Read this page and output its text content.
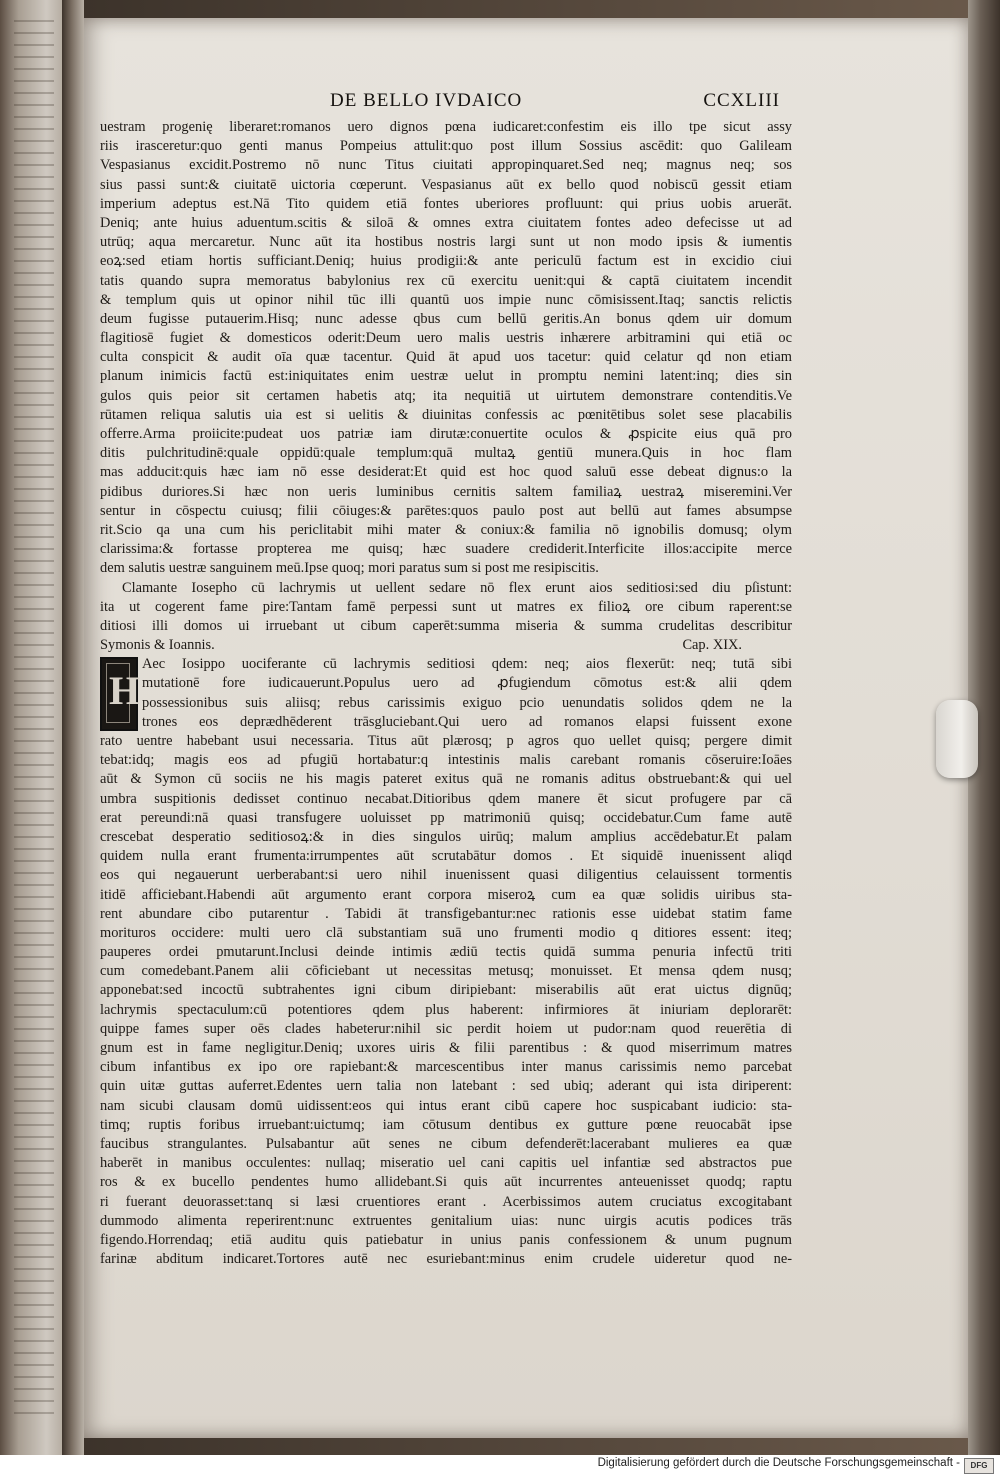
DE BELLO IVDAICO	CCXLIII
uestram progenię liberaret:romanos uero dignos pœna iudicaret:confestim eis illo tpe sicut assy
riis irasceretur:quo genti manus Pompeius attulit:quo post illum Sossius ascēdit: quo Galileam
Vespasianus excidit.Postremo nō nunc Titus ciuitati appropinquaret.Sed neq; magnus neq; sos
sius passi sunt:& ciuitatē uictoria cœperunt. Vespasianus aūt ex bello quod nobiscū gessit etiam
imperium adeptus est.Nā Tito quidem etiā fontes uberiores profluunt: qui prius uobis aruerāt.
Deniq; ante huius aduentum.scitis & siloā & omnes extra ciuitatem fontes adeo defecisse ut ad
utrūq; aqua mercaretur. Nunc aūt ita hostibus nostris largi sunt ut non modo ipsis & iumentis
eoꝝ:sed etiam hortis sufficiant.Deniq; huius prodigii:& ante periculū factum est in excidio ciui
tatis quando supra memoratus babylonius rex cū exercitu uenit:qui & captā ciuitatem incendit
& templum quis ut opinor nihil tūc illi quantū uos impie nunc cōmisissent.Itaq; sanctis relictis
deum fugisse putauerim.Hisq; nunc adesse qbus cum bellū geritis.An bonus qdem uir domum
flagitiosē fugiet & domesticos oderit:Deum uero malis uestris inhærere arbitramini qui etiā oc
culta conspicit & audit oīa quæ tacentur. Quid āt apud uos tacetur: quid celatur qd non etiam
planum inimicis factū est:iniquitates enim uestræ uelut in promptu nemini latent:inq; dies sin
gulos quis peior sit certamen habetis atq; ita nequitiā ut uirtutem demonstrare contenditis.Ve
rūtamen reliqua salutis uia est si uelitis & diuinitas confessis ac pœnitētibus solet sese placabilis
offerre.Arma proiicite:pudeat uos patriæ iam dirutæ:conuertite oculos & ꝓspicite eius quā pro
ditis pulchritudinē:quale oppidū:quale templum:quā multaꝝ gentiū munera.Quis in hoc flam
mas adducit:quis hæc iam nō esse desiderat:Et quid est hoc quod saluū esse debeat dignus:o la
pidibus duriores.Si hæc non ueris luminibus cernitis saltem familiaꝝ uestraꝝ miseremini.Ver
sentur in cōspectu cuiusq; filii cōiuges:& parētes:quos paulo post aut bellū aut fames absumpse
rit.Scio qa una cum his periclitabit mihi mater & coniux:& familia nō ignobilis domusq; olym
clarissima:& fortasse propterea me quisq; hæc suadere crediderit.Interficite illos:accipite merce
dem salutis uestræ sanguinem meū.Ipse quoq; mori paratus sum si post me resipiscitis.
Clamante Iosepho cū lachrymis ut uellent sedare nō flex erunt aios seditiosi:sed diu pſistunt:
ita ut cogerent fame pire:Tantam famē perpessi sunt ut matres ex filioꝝ ore cibum raperent:se
ditiosi illi domos ui irruebant ut cibum caperēt:summa miseria & summa crudelitas describitur
Symonis & Ioannis.	Cap. XIX.
H
Aec Iosippo uociferante cū lachrymis seditiosi qdem: neq; aios flexerūt: neq; tutā sibi
mutationē fore iudicauerunt.Populus uero ad ꝓfugiendum cōmotus est:& alii qdem
possessionibus suis aliisq; rebus carissimis exiguo pcio uenundatis solidos qdem ne la
trones eos deprædhēderent trāsgluciebant.Qui uero ad romanos elapsi fuissent exone
rato uentre habebant usui necessaria. Titus aūt plærosq; p agros quo uellet quisq; pergere dimit
tebat:idq; magis eos ad pfugiū hortabatur:q intestinis malis carebant romanis cōseruire:Ioāes
aūt & Symon cū sociis ne his magis pateret exitus quā ne romanis aditus obstruebant:& qui uel
umbra suspitionis dedisset continuo necabat.Ditioribus qdem manere ēt sicut profugere par cā
erat pereundi:nā quasi transfugere uoluisset pp matrimoniū quisq; occidebatur.Cum fame autē
crescebat desperatio seditiosoꝝ:& in dies singulos uirūq; malum amplius accēdebatur.Et palam
quidem nulla erant frumenta:irrumpentes aūt scrutabātur domos . Et siquidē inuenissent aliqd
eos qui negauerunt uerberabant:si uero nihil inuenissent quasi diligentius celauissent tormentis
itidē afficiebant.Habendi aūt argumento erant corpora miseroꝝ cum ea quæ solidis uiribus sta-
rent abundare cibo putarentur . Tabidi āt transfigebantur:nec rationis esse uidebat statim fame
morituros occidere: multi uero clā substantiam suā uno frumenti modio q ditiores essent: iteq;
pauperes ordei pmutarunt.Inclusi deinde intimis ædiū tectis quidā summa penuria infectū triti
cum comedebant.Panem alii cōficiebant ut necessitas metusq; monuisset. Et mensa qdem nusq;
apponebat:sed incoctū subtrahentes igni cibum diripiebant: miserabilis aūt erat uictus dignūq;
lachrymis spectaculum:cū potentiores qdem plus haberent: infirmiores āt iniuriam deplorarēt:
quippe fames super oēs clades habeterur:nihil sic perdit hoiem ut pudor:nam quod reuerētia di
gnum est in fame negligitur.Deniq; uxores uiris & filii parentibus : & quod miserrimum matres
cibum infantibus ex ipo ore rapiebant:& marcescentibus inter manus carissimis nemo parcebat
quin uitæ guttas auferret.Edentes uern talia non latebant : sed ubiq; aderant qui ista diriperent:
nam sicubi clausam domū uidissent:eos qui intus erant cibū capere hoc suspicabant iudicio: sta-
timq; ruptis foribus irruebant:uictumq; iam cōtusum dentibus ex gutture pœne reuocabāt ipse
faucibus strangulantes. Pulsabantur aūt senes ne cibum defenderēt:lacerabant mulieres ea quæ
haberēt in manibus occulentes: nullaq; miseratio uel cani capitis uel infantiæ sed abstractos pue
ros & ex bucello pendentes humo allidebant.Si quis aūt incurrentes anteuenisset quodq; raptu
ri fuerant deuorasset:tanq si læsi cruentiores erant . Acerbissimos autem cruciatus excogitabant
dummodo alimenta reperirent:nunc extruentes genitalium uias: nunc uirgis acutis podices trās
figendo.Horrendaq; etiā auditu quis patiebatur in unius panis confessionem & unum pugnum
farinæ abditum indicaret.Tortores autē nec esuriebant:minus enim crudele uideretur quod ne-
Digitalisierung gefördert durch die Deutsche Forschungsgemeinschaft -	DFG
